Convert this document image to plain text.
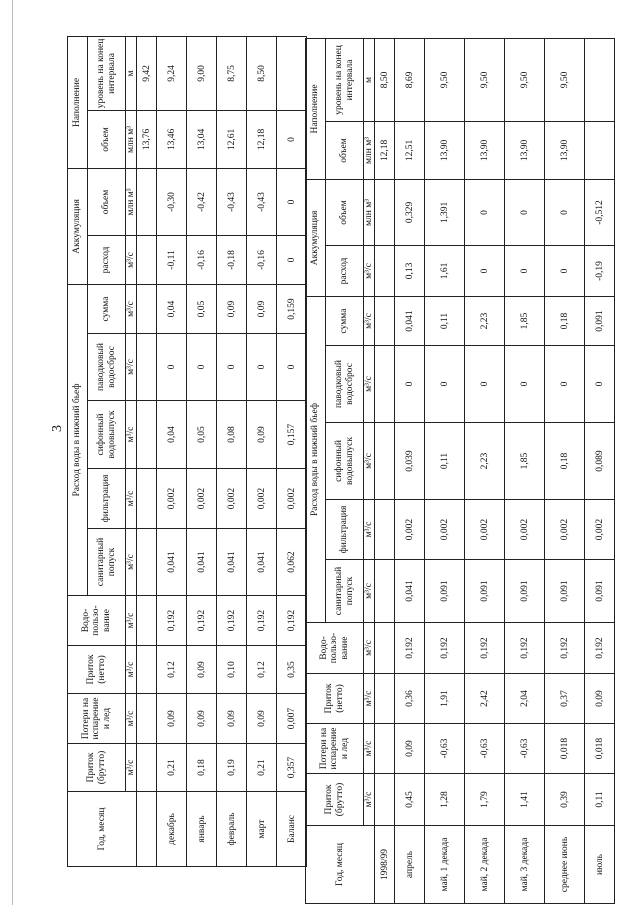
3
Год, месяц	Приток (брутто)	Потери на испарение и лед	Приток (нетто)	Водо-пользо-вание	Расход воды в нижний бьеф					Аккумуляция		Наполнение	
					санитарный попуск	фильтрация	сифонный водовыпуск	паводковый водосброс	сумма	расход	объем	объем	уровень на конец интервала
	м³/с	м³/с	м³/с	м³/с	м³/с	м³/с	м³/с	м³/с	м³/с	м³/с	млн м³	млн м³	м
												13,76	9,42
декабрь	0,21	0,09	0,12	0,192	0,041	0,002	0,04	0	0,04	-0,11	-0,30	13,46	9,24
январь	0,18	0,09	0,09	0,192	0,041	0,002	0,05	0	0,05	-0,16	-0,42	13,04	9,00
февраль	0,19	0,09	0,10	0,192	0,041	0,002	0,08	0	0,09	-0,18	-0,43	12,61	8,75
март	0,21	0,09	0,12	0,192	0,041	0,002	0,09	0	0,09	-0,16	-0,43	12,18	8,50
Баланс	0,357	0,007	0,35	0,192	0,062	0,002	0,157	0	0,159	0	0	0	
Год, месяц	Приток (брутто)	Потери на испарение и лед	Приток (нетто)	Водо-пользо-вание	Расход воды в нижний бьеф					Аккумуляция		Наполнение	
					санитарный попуск	фильтрация	сифонный водовыпуск	паводковый водосброс	сумма	расход	объем	объем	уровень на конец интервала
	м³/с	м³/с	м³/с	м³/с	м³/с	м³/с	м³/с	м³/с	м³/с	м³/с	млн м³	млн м³	м
1998/99												12,18	8,50
апрель	0,45	0,09	0,36	0,192	0,041	0,002	0,039	0	0,041	0,13	0,329	12,51	8,69
май, 1 декада	1,28	-0,63	1,91	0,192	0,091	0,002	0,11	0	0,11	1,61	1,391	13,90	9,50
май, 2 декада	1,79	-0,63	2,42	0,192	0,091	0,002	2,23	0	2,23	0	0	13,90	9,50
май, 3 декада	1,41	-0,63	2,04	0,192	0,091	0,002	1,85	0	1,85	0	0	13,90	9,50
среднее июнь	0,39	0,018	0,37	0,192	0,091	0,002	0,18	0	0,18	0	0	13,90	9,50
июль	0,11	0,018	0,09	0,192	0,091	0,002	0,089	0	0,091	-0,19	-0,512		
